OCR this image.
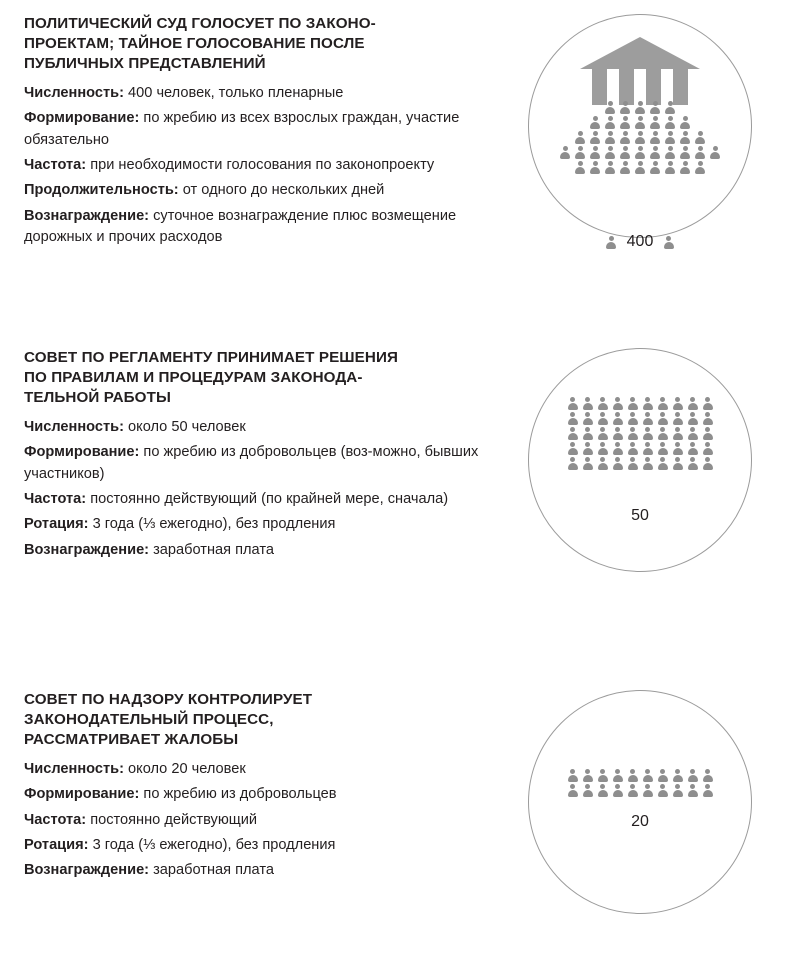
ПОЛИТИЧЕСКИЙ СУД ГОЛОСУЕТ ПО ЗАКОНО-
ПРОЕКТАМ; ТАЙНОЕ ГОЛОСОВАНИЕ ПОСЛЕ
ПУБЛИЧНЫХ ПРЕДСТАВЛЕНИЙ

Численность: 400 человек, только пленарные

Формирование: по жребию из всех взрослых граждан, участие обязательно

Частота: при необходимости голосования по законопроекту

Продолжительность: от одного до нескольких дней

Вознаграждение: суточное вознаграждение плюс возмещение дорожных и прочих расходов	400
СОВЕТ ПО РЕГЛАМЕНТУ ПРИНИМАЕТ РЕШЕНИЯ
ПО ПРАВИЛАМ И ПРОЦЕДУРАМ ЗАКОНОДА-
ТЕЛЬНОЙ РАБОТЫ

Численность: около 50 человек

Формирование: по жребию из добровольцев (воз-можно, бывших участников)

Частота: постоянно действующий (по крайней мере, сначала)

Ротация: 3 года (⅓ ежегодно), без продления

Вознаграждение: заработная плата

50
СОВЕТ ПО НАДЗОРУ КОНТРОЛИРУЕТ
ЗАКОНОДАТЕЛЬНЫЙ ПРОЦЕСС,
РАССМАТРИВАЕТ ЖАЛОБЫ

Численность: около 20 человек

Формирование: по жребию из добровольцев

Частота: постоянно действующий

Ротация: 3 года (⅓ ежегодно), без продления

Вознаграждение: заработная плата

20
